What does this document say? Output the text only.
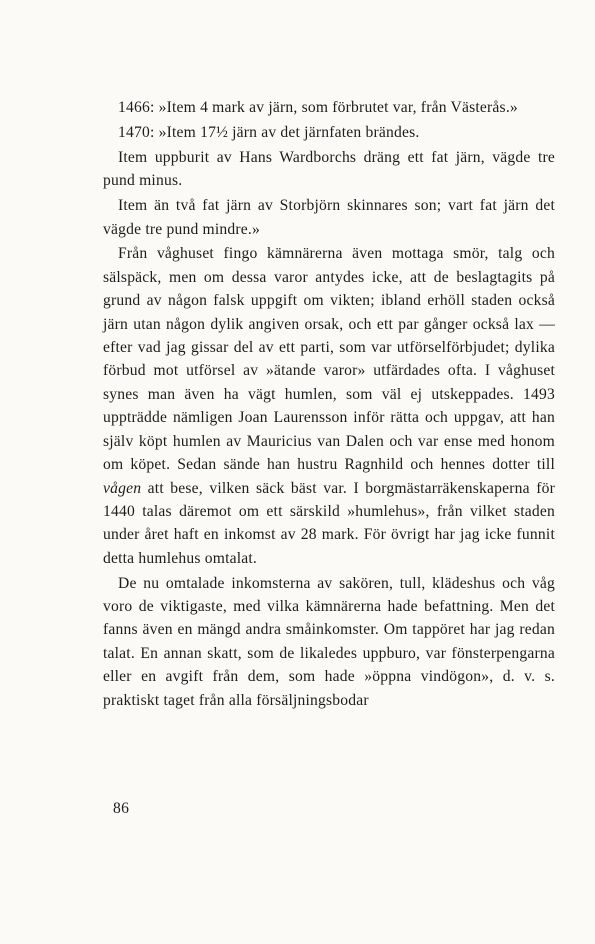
1466: »Item 4 mark av järn, som förbrutet var, från Västerås.»

1470: »Item 17½ järn av det järnfaten brändes.

Item uppburit av Hans Wardborchs dräng ett fat järn, vägde tre pund minus.

Item än två fat järn av Storbjörn skinnares son; vart fat järn det vägde tre pund mindre.»

Från våghuset fingo kämnärerna även mottaga smör, talg och sälspäck, men om dessa varor antydes icke, att de beslagtagits på grund av någon falsk uppgift om vikten; ibland erhöll staden också järn utan någon dylik angiven orsak, och ett par gånger också lax — efter vad jag gissar del av ett parti, som var utförselförbjudet; dylika förbud mot utförsel av »ätande varor» utfärdades ofta. I våghuset synes man även ha vägt humlen, som väl ej utskeppades. 1493 uppträdde nämligen Joan Laurensson inför rätta och uppgav, att han själv köpt humlen av Mauricius van Dalen och var ense med honom om köpet. Sedan sände han hustru Ragnhild och hennes dotter till vågen att bese, vilken säck bäst var. I borgmästarräkenskaperna för 1440 talas däremot om ett särskild »humlehus», från vilket staden under året haft en inkomst av 28 mark. För övrigt har jag icke funnit detta humlehus omtalat.

De nu omtalade inkomsterna av sakören, tull, klädeshus och våg voro de viktigaste, med vilka kämnärerna hade befattning. Men det fanns även en mängd andra småinkomster. Om tappöret har jag redan talat. En annan skatt, som de likaledes uppburo, var fönsterpengarna eller en avgift från dem, som hade »öppna vindögon», d. v. s. praktiskt taget från alla försäljningsbodar

86
